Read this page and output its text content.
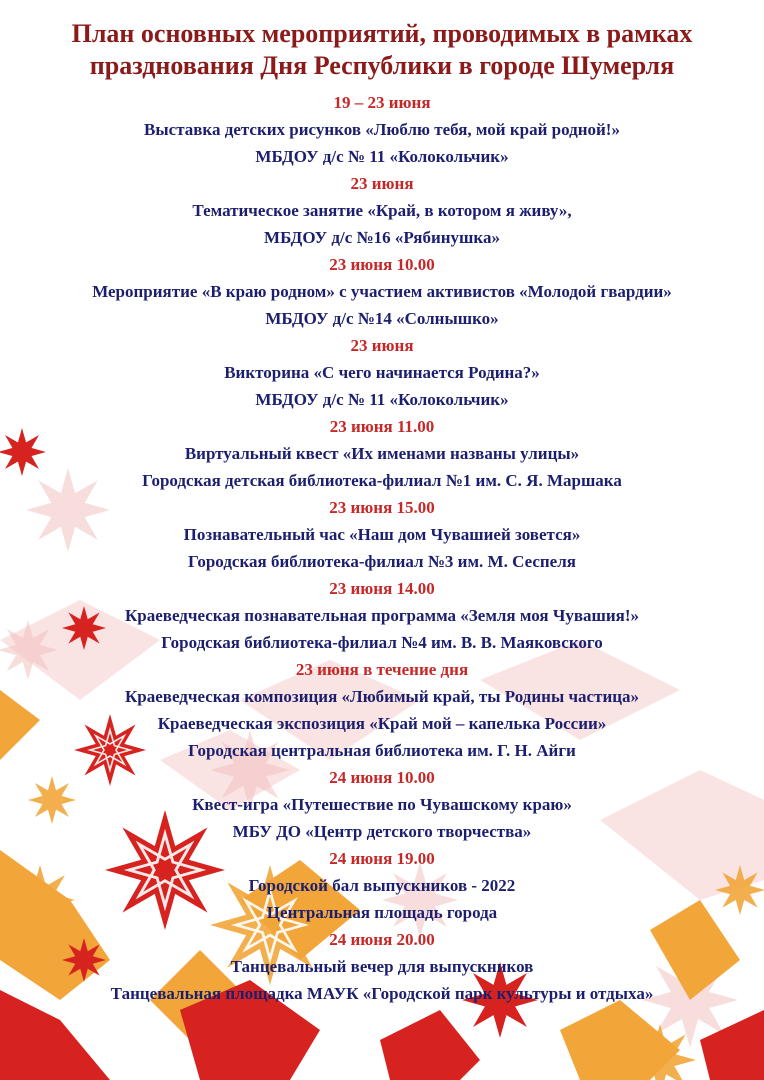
План основных мероприятий, проводимых в рамках
празднования Дня Республики в городе Шумерля
19 – 23 июня
Выставка детских рисунков «Люблю тебя, мой край родной!»
МБДОУ д/с № 11 «Колокольчик»
23 июня
Тематическое занятие «Край, в котором я живу»,
МБДОУ д/с №16 «Рябинушка»
23 июня 10.00
Мероприятие «В краю родном» с участием активистов «Молодой гвардии»
МБДОУ д/с №14 «Солнышко»
23 июня
Викторина «С чего начинается Родина?»
МБДОУ д/с № 11 «Колокольчик»
23 июня 11.00
Виртуальный квест «Их именами названы улицы»
Городская детская библиотека-филиал №1 им. С. Я. Маршака
23 июня 15.00
Познавательный час «Наш дом Чувашией зовется»
Городская библиотека-филиал №3 им. М. Сеспеля
23 июня 14.00
Краеведческая познавательная программа «Земля моя Чувашия!»
Городская библиотека-филиал №4 им. В. В. Маяковского
23 июня в течение дня
Краеведческая композиция «Любимый край, ты Родины частица»
Краеведческая экспозиция «Край мой – капелька России»
Городская центральная библиотека им. Г. Н. Айги
24 июня 10.00
Квест-игра «Путешествие по Чувашскому краю»
МБУ ДО «Центр детского творчества»
24 июня 19.00
Городской бал выпускников - 2022
Центральная площадь города
24 июня 20.00
Танцевальный вечер для выпускников
Танцевальная площадка МАУК «Городской парк культуры и отдыха»
